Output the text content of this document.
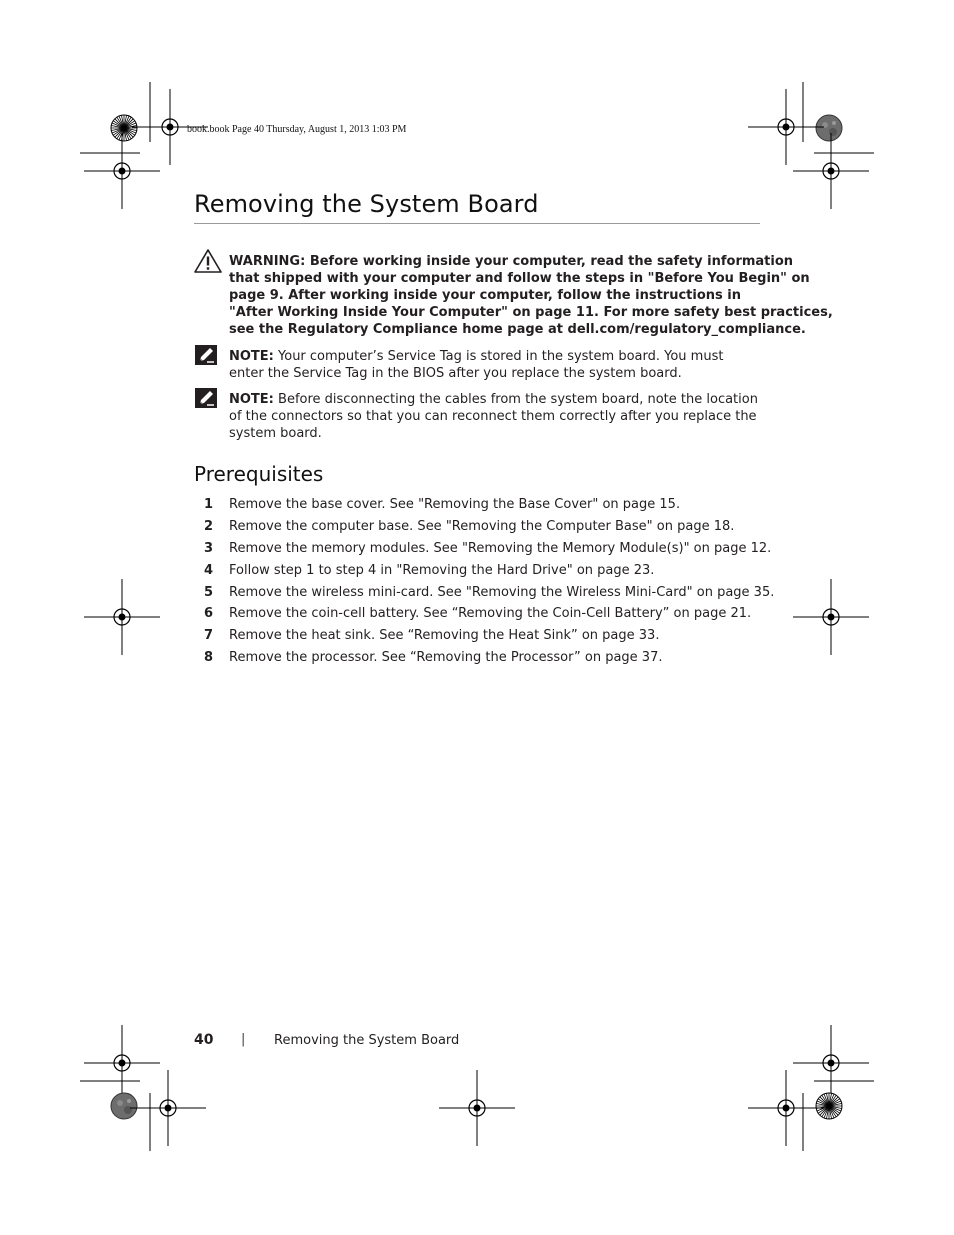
book.book Page 40 Thursday, August 1, 2013 1:03 PM
Removing the System Board
WARNING: Before working inside your computer, read the safety information
that shipped with your computer and follow the steps in "Before You Begin" on
page 9. After working inside your computer, follow the instructions in
"After Working Inside Your Computer" on page 11. For more safety best practices,
see the Regulatory Compliance home page at dell.com/regulatory_compliance.
NOTE: Your computer’s Service Tag is stored in the system board. You must enter the Service Tag in the BIOS after you replace the system board.
NOTE: Before disconnecting the cables from the system board, note the location of the connectors so that you can reconnect them correctly after you replace the system board.
Prerequisites
1 Remove the base cover. See "Removing the Base Cover" on page 15.
2 Remove the computer base. See "Removing the Computer Base" on page 18.
3 Remove the memory modules. See "Removing the Memory Module(s)" on page 12.
4 Follow step 1 to step 4 in "Removing the Hard Drive" on page 23.
5 Remove the wireless mini-card. See "Removing the Wireless Mini-Card" on page 35.
6 Remove the coin-cell battery. See “Removing the Coin-Cell Battery” on page 21.
7 Remove the heat sink. See “Removing the Heat Sink” on page 33.
8 Remove the processor. See “Removing the Processor” on page 37.
40 | Removing the System Board
